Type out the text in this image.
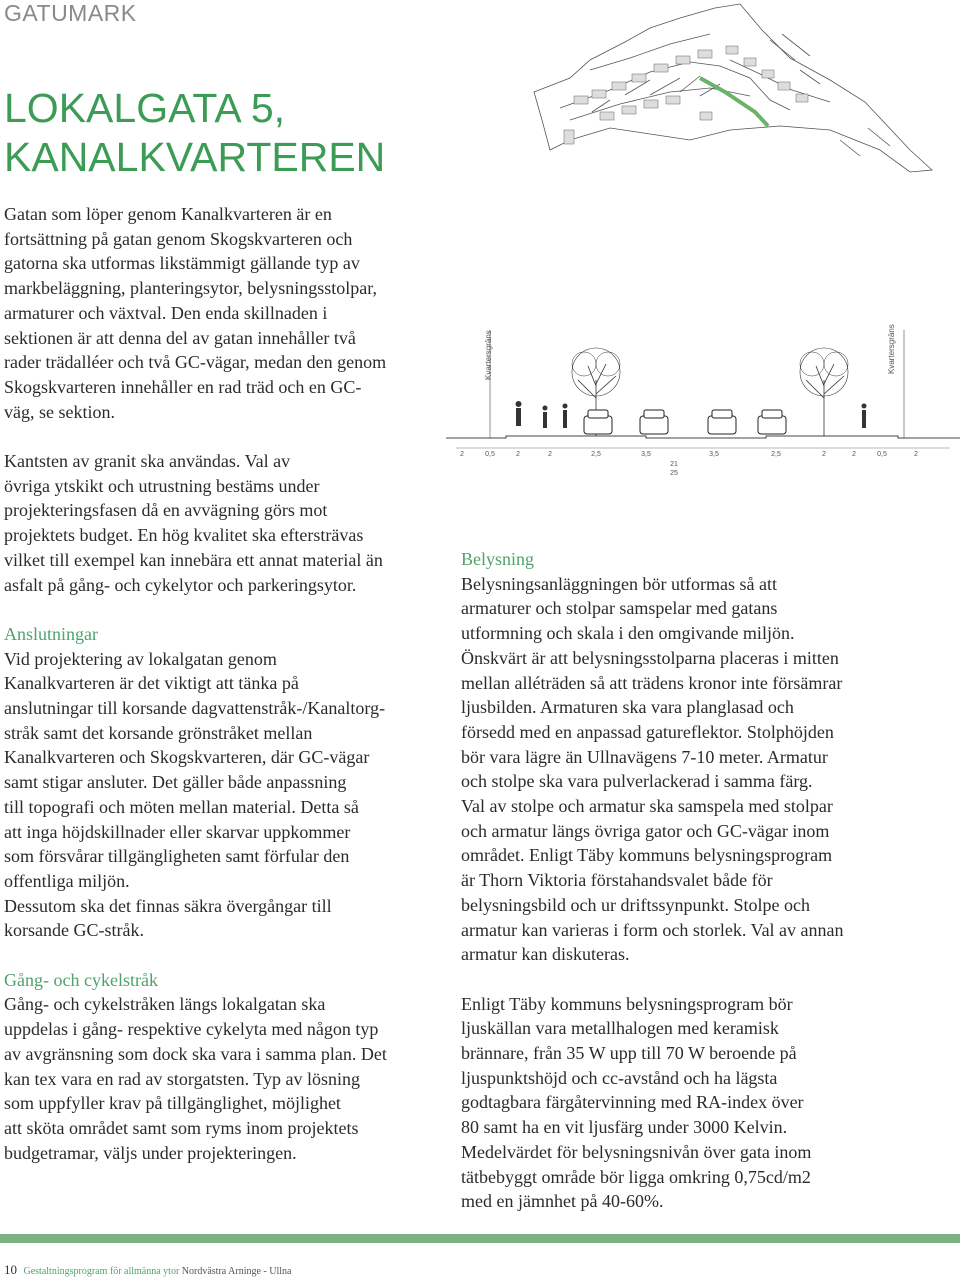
GATUMARK
LOKALGATA 5,
KANALKVARTEREN

Gatan som löper genom Kanalkvarteren är en

fortsättning på gatan genom Skogskvarteren och

gatorna ska utformas likstämmigt gällande typ av

markbeläggning, planteringsytor, belysningsstolpar,

armaturer och växtval. Den enda skillnaden i

sektionen är att denna del av gatan innehåller två

rader trädalléer och två GC-vägar, medan den genom

Skogskvarteren innehåller en rad träd och en GC-

väg, se sektion.

Kantsten av granit ska användas. Val av

övriga ytskikt och utrustning bestäms under

projekteringsfasen då en avvägning görs mot

projektets budget. En hög kvalitet ska eftersträvas

vilket till exempel kan innebära ett annat material än

asfalt på gång- och cykelytor och parkeringsytor.

Anslutningar

Vid projektering av lokalgatan genom

Kanalkvarteren är det viktigt att tänka på

anslutningar till korsande dagvattenstråk-/Kanaltorg-

stråk samt det korsande grönstråket mellan

Kanalkvarteren och Skogskvarteren, där GC-vägar

samt stigar ansluter. Det gäller både anpassning

till topografi och möten mellan material. Detta så

att inga höjdskillnader eller skarvar uppkommer

som försvårar tillgängligheten samt förfular den

offentliga miljön.

Dessutom ska det finnas säkra övergångar till

korsande GC-stråk.

Gång- och cykelstråk

Gång- och cykelstråken längs lokalgatan ska

uppdelas i gång- respektive cykelyta med någon typ

av avgränsning som dock ska vara i samma plan. Det

kan tex vara en rad av storgatsten. Typ av lösning

som uppfyller krav på tillgänglighet, möjlighet

att sköta området samt som ryms inom projektets

budgetramar, väljs under projekteringen.

Kvartersgräns	Kvartersgräns
2	0,5	2	2	2,5	3,5	3,5	2,5	2	2	0,5	2
21
25

Belysning

Belysningsanläggningen bör utformas så att

armaturer och stolpar samspelar med gatans

utformning och skala i den omgivande miljön.

Önskvärt är att belysningsstolparna placeras i mitten

mellan alléträden så att trädens kronor inte försämrar

ljusbilden. Armaturen ska vara planglasad och

försedd med en anpassad gatureflektor. Stolphöjden

bör vara lägre än Ullnavägens 7-10 meter. Armatur

och stolpe ska vara pulverlackerad i samma färg.

Val av stolpe och armatur ska samspela med stolpar

och armatur längs övriga gator och GC-vägar inom

området. Enligt Täby kommuns belysningsprogram

är Thorn Viktoria förstahandsvalet både för

belysningsbild och ur driftssynpunkt. Stolpe och

armatur kan varieras i form och storlek. Val av annan

armatur kan diskuteras.

Enligt Täby kommuns belysningsprogram bör

ljuskällan vara metallhalogen med keramisk

brännare, från 35 W upp till 70 W beroende på

ljuspunktshöjd och cc-avstånd och ha lägsta

godtagbara färgåtervinning med RA-index över

80 samt ha en vit ljusfärg under 3000 Kelvin.

Medelvärdet för belysningsnivån över gata inom

tätbebyggt område bör ligga omkring 0,75cd/m2

med en jämnhet på 40-60%.

10 Gestaltningsprogram för allmänna ytor Nordvästra Arninge - Ullna
